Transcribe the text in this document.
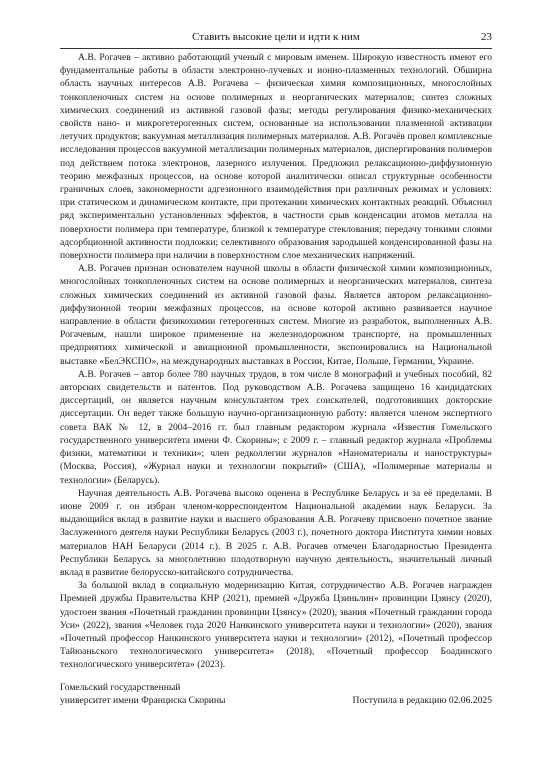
Ставить высокие цели и идти к ним	23

А.В. Рогачев – активно работающий ученый с мировым именем. Широкую известность имеют его фундаментальные работы в области электронно-лучевых и ионно-плазменных технологий. Обширна область научных интересов А.В. Рогачева – физическая химия композиционных, многослойных тонкопленочных систем на основе полимерных и неорганических материалов; синтез сложных химических соединений из активной газовой фазы; методы регулирования физико-механических свойств нано- и микрогетерогенных систем, основанные на использовании плазменной активации летучих продуктов; вакуумная металлизация полимерных материалов. А.В. Рогачёв провел комплексные исследования процессов вакуумной металлизации полимерных материалов, диспергирования полимеров под действием потока электронов, лазерного излучения. Предложил релаксационно-диффузионную теорию межфазных процессов, на основе которой аналитически описал структурные особенности граничных слоев, закономерности адгезионного взаимодействия при различных режимах и условиях: при статическом и динамическом контакте, при протекании химических контактных реакций. Объяснил ряд экспериментально установленных эффектов, в частности срыв конденсации атомов металла на поверхности полимера при температуре, близкой к температуре стеклования; передачу тонкими слоями адсорбционной активности подложки; селективного образования зародышей конденсированной фазы на поверхности полимера при наличии в поверхностном слое механических напряжений.

А.В. Рогачев признан основателем научной школы в области физической химии композиционных, многослойных тонкопленочных систем на основе полимерных и неорганических материалов, синтеза сложных химических соединений из активной газовой фазы. Является автором релаксационно-диффузионной теории межфазных процессов, на основе которой активно развивается научное направление в области физикохимии гетерогенных систем. Многие из разработок, выполненных А.В. Рогачевым, нашли широкое применение на железнодорожном транспорте, на промышленных предприятиях химической и авиационной промышленности, экспонировались на Национальной выставке «БелЭКСПО», на международных выставках в России, Китае, Польше, Германии, Украине.

А.В. Рогачев – автор более 780 научных трудов, в том числе 8 монографий и учебных пособий, 82 авторских свидетельств и патентов. Под руководством А.В. Рогачева защищено 16 кандидатских диссертаций, он является научным консультантом трех соискателей, подготовивших докторские диссертации. Он ведет также большую научно-организационную работу: является членом экспертного совета ВАК № 12, в 2004–2016 гг. был главным редактором журнала «Известия Гомельского государственного университета имени Ф. Скорины»; с 2009 г. – главный редактор журнала «Проблемы физики, математики и техники»; член редколлегии журналов «Наноматериалы и наноструктуры» (Москва, Россия), «Журнал науки и технологии покрытий» (США), «Полимерные материалы и технологии» (Беларусь).

Научная деятельность А.В. Рогачева высоко оценена в Республике Беларусь и за её пределами. В июне 2009 г. он избран членом-корреспондентом Национальной академии наук Беларуси. За выдающийся вклад в развитие науки и высшего образования А.В. Рогачеву присвоено почетное звание Заслуженного деятеля науки Республики Беларусь (2003 г.), почетного доктора Института химии новых материалов НАН Беларуси (2014 г.). В 2025 г. А.В. Рогачев отмечен Благодарностью Президента Республики Беларусь за многолетнюю плодотворную научную деятельность, значительный личный вклад в развитие белорусско-китайского сотрудничества.

За большой вклад в социальную модернизацию Китая, сотрудничество А.В. Рогачев награжден Премией дружбы Правительства КНР (2021), премией «Дружба Цзиньлин» провинции Цзянсу (2020), удостоен звания «Почетный гражданин провинции Цзянсу» (2020), звания «Почетный гражданин города Уси» (2022), звания «Человек года 2020 Нанкинского университета науки и технологии» (2020), звания «Почетный профессор Нанкинского университета науки и технологии» (2012), «Почетный профессор Тайюаньского технологического университета» (2018), «Почетный профессор Боадинского технологического университета» (2023).

Гомельский государственный
университет имени Франциска Скорины	Поступила в редакцию 02.06.2025
